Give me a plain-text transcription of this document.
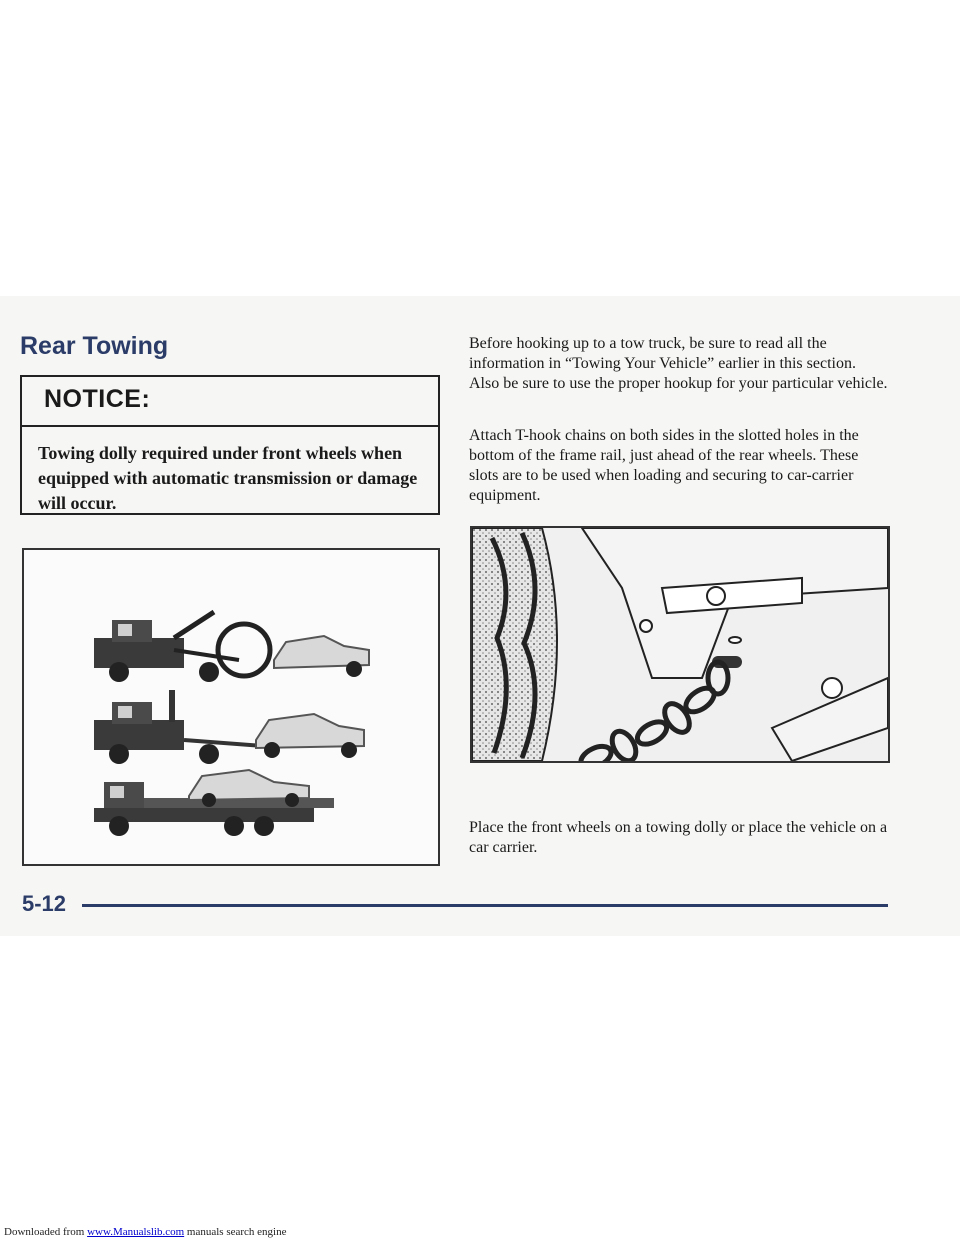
Rear Towing
NOTICE:
Towing dolly required under front wheels when equipped with automatic transmission or damage will occur.

Before hooking up to a tow truck, be sure to read all the information in “Towing Your Vehicle” earlier in this section. Also be sure to use the proper hookup for your particular vehicle.

Attach T-hook chains on both sides in the slotted holes in the bottom of the frame rail, just ahead of the rear wheels. These slots are to be used when loading and securing to car-carrier equipment.

Place the front wheels on a towing dolly or place the vehicle on a car carrier.

5-12
Downloaded from www.Manualslib.com manuals search engine
